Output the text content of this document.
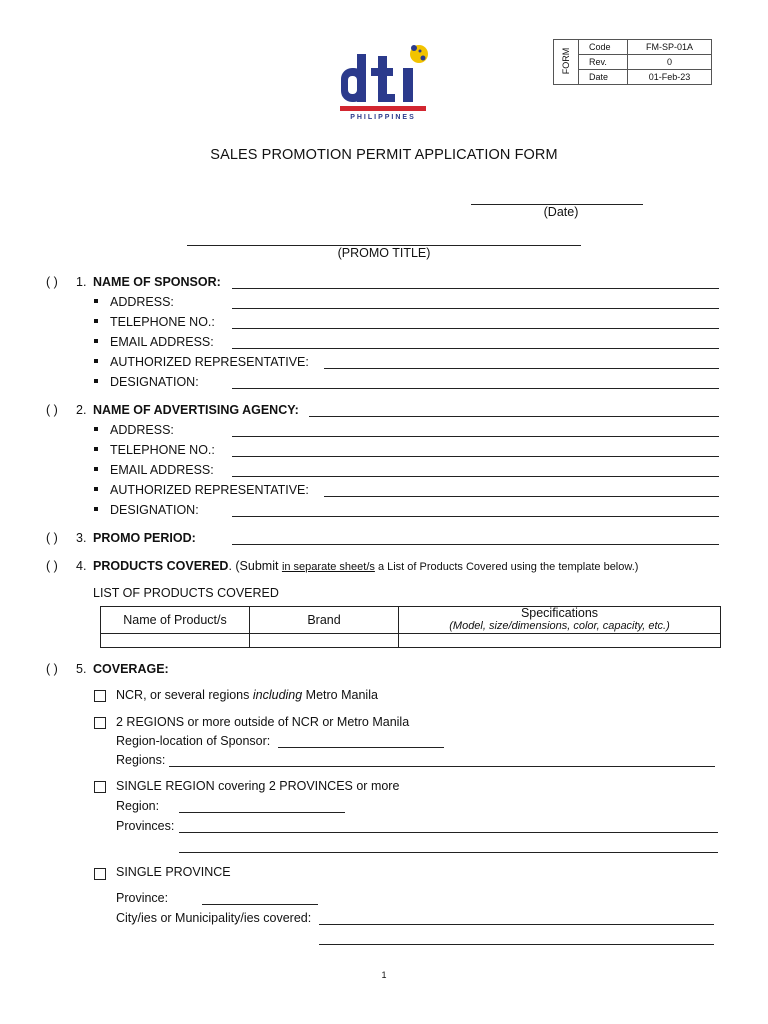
PHILIPPINES
FORM
Code	FM-SP-01A
Rev.	0
Date	01-Feb-23
SALES PROMOTION PERMIT APPLICATION FORM
(Date)
(PROMO TITLE)
( ) 1. NAME OF SPONSOR:
ADDRESS:
TELEPHONE NO.:
EMAIL ADDRESS:
AUTHORIZED REPRESENTATIVE:
DESIGNATION:
( ) 2. NAME OF ADVERTISING AGENCY:
ADDRESS:
TELEPHONE NO.:
EMAIL ADDRESS:
AUTHORIZED REPRESENTATIVE:
DESIGNATION:
( ) 3. PROMO PERIOD:
( ) 4. PRODUCTS COVERED. (Submit in separate sheet/s a List of Products Covered using the template below.)
LIST OF PRODUCTS COVERED
Name of Product/s	Brand	Specifications
(Model, size/dimensions, color, capacity, etc.)

( ) 5. COVERAGE:
NCR, or several regions including Metro Manila
2 REGIONS or more outside of NCR or Metro Manila
Region-location of Sponsor:
Regions:
SINGLE REGION covering 2 PROVINCES or more
Region:
Provinces:
SINGLE PROVINCE
Province:
City/ies or Municipality/ies covered:
1
